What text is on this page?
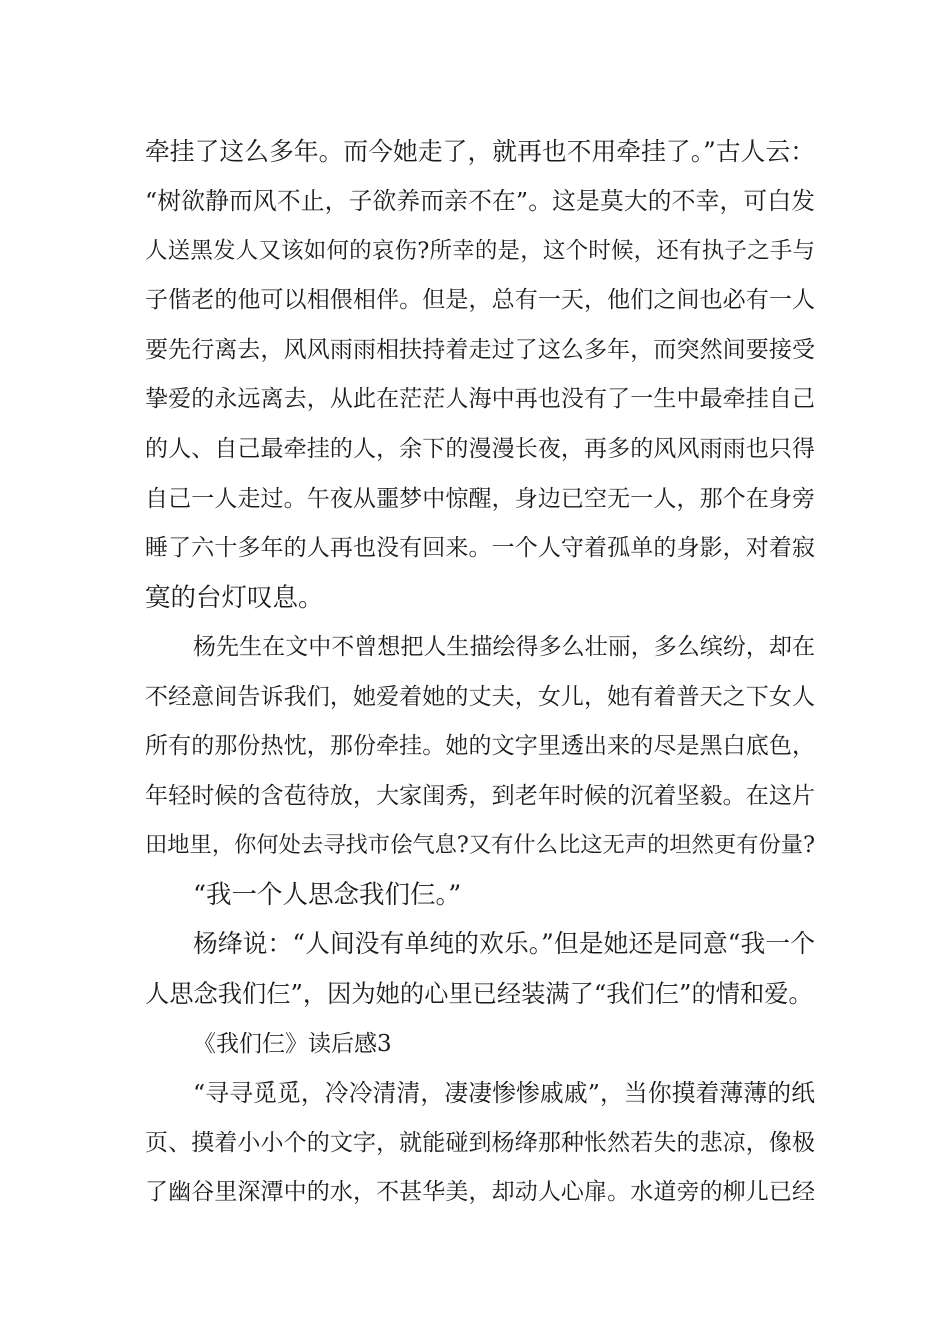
牵挂了这么多年。而今她走了，就再也不用牵挂了。”古人云：
“树欲静而风不止，子欲养而亲不在”。这是莫大的不幸，可白发
人送黑发人又该如何的哀伤?所幸的是，这个时候，还有执子之手与
子偕老的他可以相偎相伴。但是，总有一天，他们之间也必有一人
要先行离去，风风雨雨相扶持着走过了这么多年，而突然间要接受
挚爱的永远离去，从此在茫茫人海中再也没有了一生中最牵挂自己
的人、自己最牵挂的人，余下的漫漫长夜，再多的风风雨雨也只得
自己一人走过。午夜从噩梦中惊醒，身边已空无一人，那个在身旁
睡了六十多年的人再也没有回来。一个人守着孤单的身影，对着寂
寞的台灯叹息。
杨先生在文中不曾想把人生描绘得多么壮丽，多么缤纷，却在
不经意间告诉我们，她爱着她的丈夫，女儿，她有着普天之下女人
所有的那份热忱，那份牵挂。她的文字里透出来的尽是黑白底色，
年轻时候的含苞待放，大家闺秀，到老年时候的沉着坚毅。在这片
田地里，你何处去寻找市侩气息?又有什么比这无声的坦然更有份量?
“我一个人思念我们仨。”
杨绛说：“人间没有单纯的欢乐。”但是她还是同意“我一个
人思念我们仨”，因为她的心里已经装满了“我们仨”的情和爱。
《我们仨》读后感3
“寻寻觅觅，冷冷清清，凄凄惨惨戚戚”，当你摸着薄薄的纸
页、摸着小小个的文字，就能碰到杨绛那种怅然若失的悲凉，像极
了幽谷里深潭中的水，不甚华美，却动人心扉。水道旁的柳儿已经
